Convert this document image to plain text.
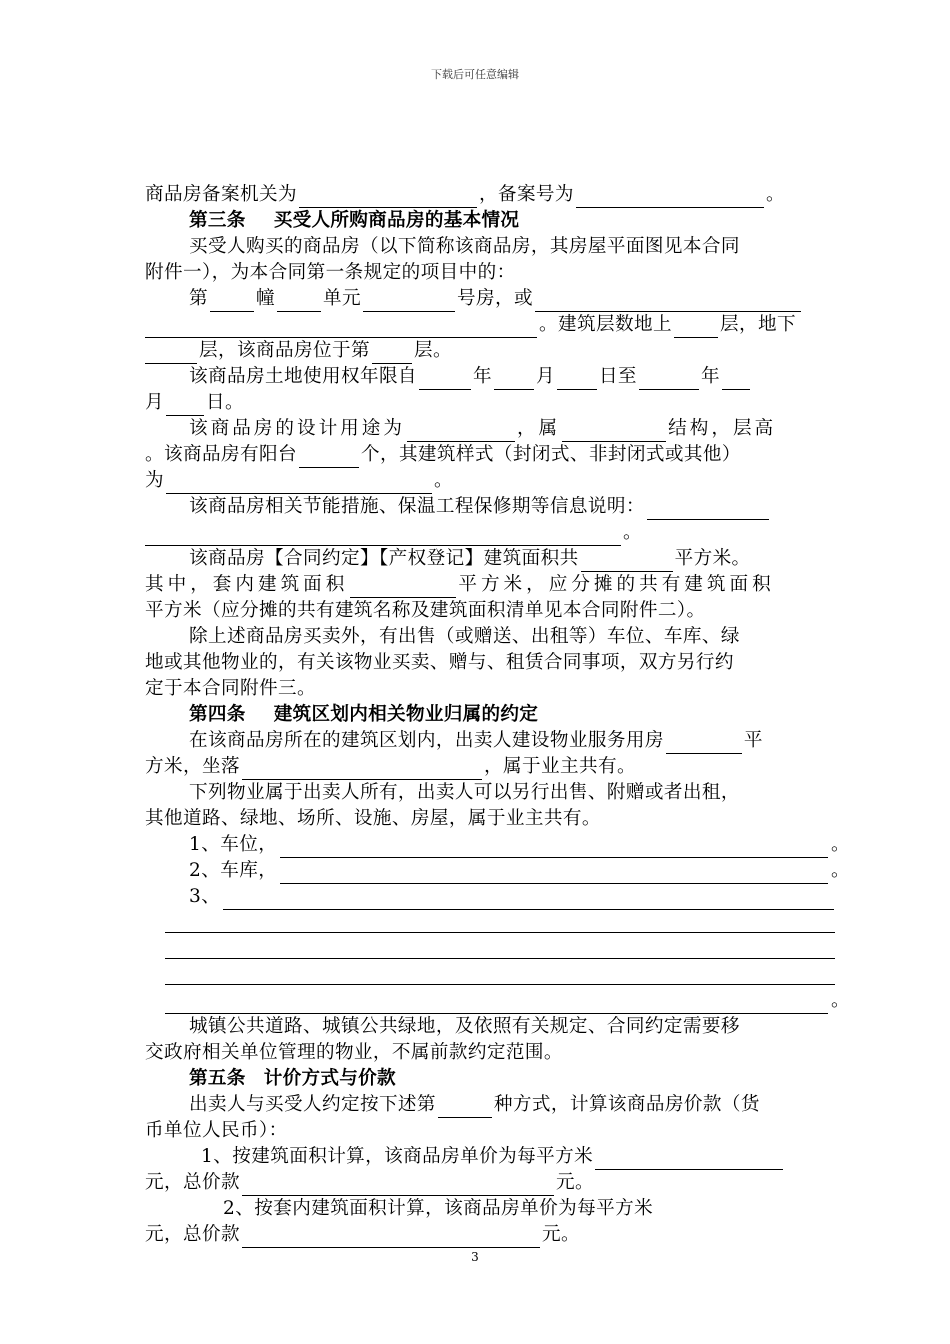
下载后可任意编辑
商品房备案机关为	，备案号为	。
第三条 买受人所购商品房的基本情况
买受人购买的商品房（以下简称该商品房，其房屋平面图见本合同
附件一），为本合同第一条规定的项目中的：
第	幢	单元	号房，或
。建筑层数地上	层，地下
层，该商品房位于第 层。
该商品房土地使用权年限自	年 月 日至	年
月 日。
该商品房的设计用途为	，属	结构，层高
。该商品房有阳台	个，其建筑样式（封闭式、非封闭式或其他）
为	。
该商品房相关节能措施、保温工程保修期等信息说明：
。
该商品房【合同约定】【产权登记】建筑面积共	平方米。
其中，套内建筑面积	平方米，应分摊的共有建筑面积
平方米（应分摊的共有建筑名称及建筑面积清单见本合同附件二）。
除上述商品房买卖外，有出售（或赠送、出租等）车位、车库、绿
地或其他物业的，有关该物业买卖、赠与、租赁合同事项，双方另行约
定于本合同附件三。
第四条 建筑区划内相关物业归属的约定
在该商品房所在的建筑区划内，出卖人建设物业服务用房	平
方米，坐落	，属于业主共有。
下列物业属于出卖人所有，出卖人可以另行出售、附赠或者出租，
其他道路、绿地、场所、设施、房屋，属于业主共有。
1、车位，	。
2、车库，	。
3、
。
城镇公共道路、城镇公共绿地，及依照有关规定、合同约定需要移
交政府相关单位管理的物业，不属前款约定范围。
第五条 计价方式与价款
出卖人与买受人约定按下述第	种方式，计算该商品房价款（货
币单位人民币）：
1、按建筑面积计算，该商品房单价为每平方米
元，总价款	元。
2、按套内建筑面积计算，该商品房单价为每平方米
元，总价款	元。
3
